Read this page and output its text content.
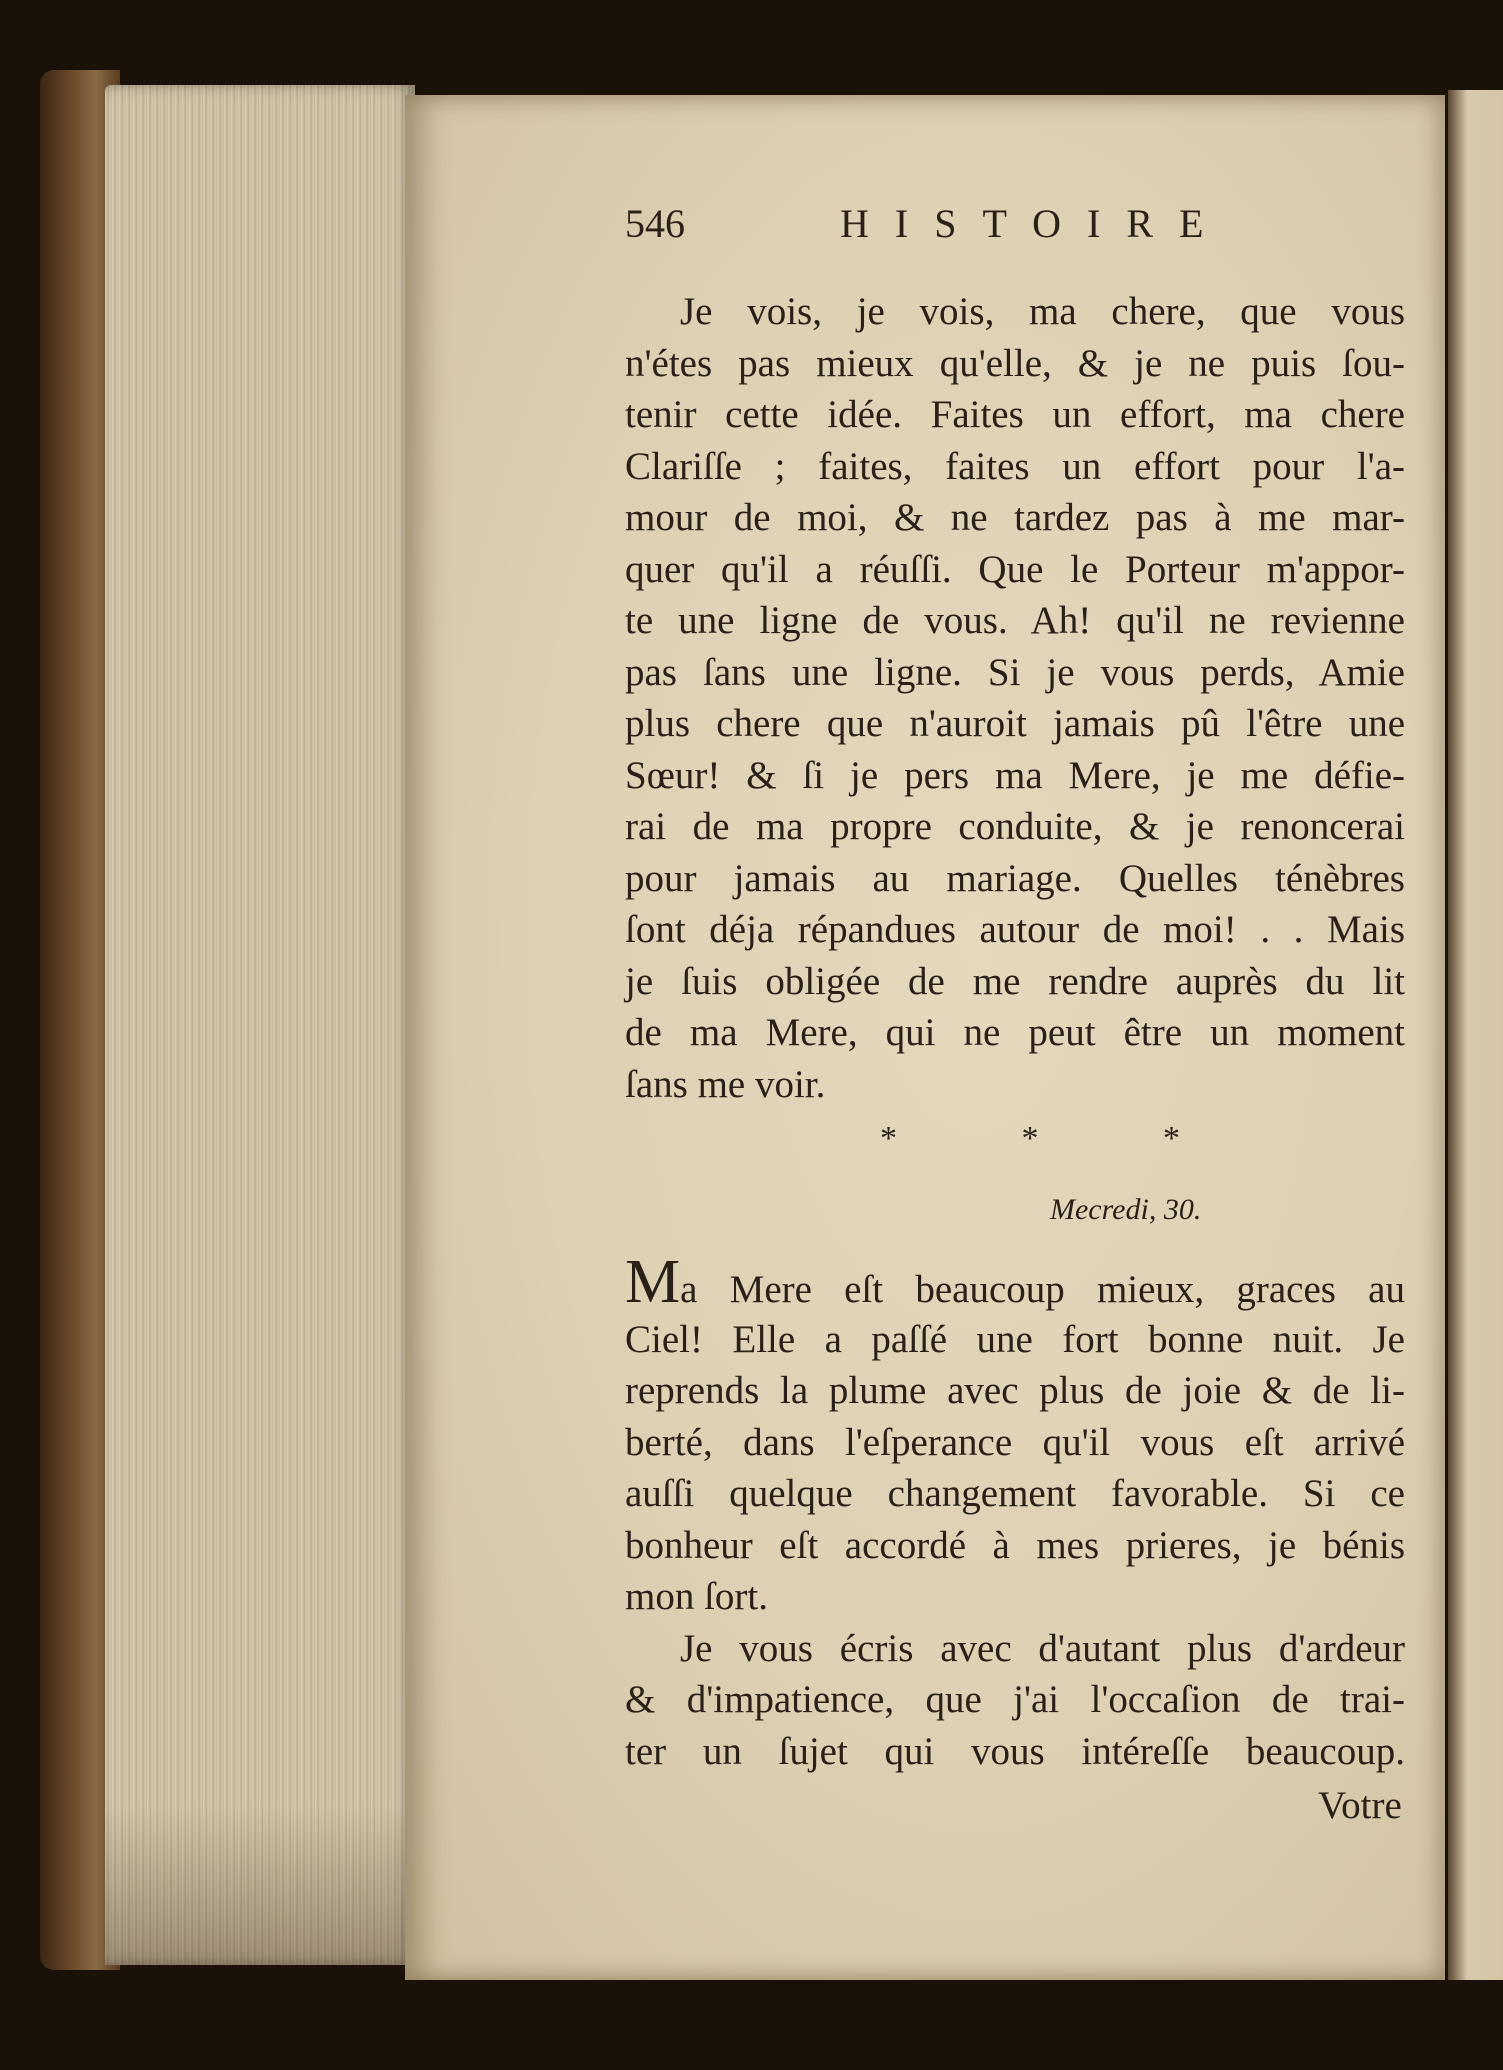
546	HISTOIRE
Je vois, je vois, ma chere, que vous
n'étes pas mieux qu'elle, & je ne puis ſou-
tenir cette idée. Faites un effort, ma chere
Clariſſe ; faites, faites un effort pour l'a-
mour de moi, & ne tardez pas à me mar-
quer qu'il a réuſſi. Que le Porteur m'appor-
te une ligne de vous. Ah! qu'il ne revienne
pas ſans une ligne. Si je vous perds, Amie
plus chere que n'auroit jamais pû l'être une
Sœur! & ſi je pers ma Mere, je me défie-
rai de ma propre conduite, & je renoncerai
pour jamais au mariage. Quelles ténèbres
ſont déja répandues autour de moi! . . Mais
je ſuis obligée de me rendre auprès du lit
de ma Mere, qui ne peut être un moment
ſans me voir.
*	*	*
Mecredi, 30.
Ma Mere eſt beaucoup mieux, graces au
Ciel! Elle a paſſé une fort bonne nuit. Je
reprends la plume avec plus de joie & de li-
berté, dans l'eſperance qu'il vous eſt arrivé
auſſi quelque changement favorable. Si ce
bonheur eſt accordé à mes prieres, je bénis
mon ſort.
Je vous écris avec d'autant plus d'ardeur
& d'impatience, que j'ai l'occaſion de trai-
ter un ſujet qui vous intéreſſe beaucoup.
Votre
